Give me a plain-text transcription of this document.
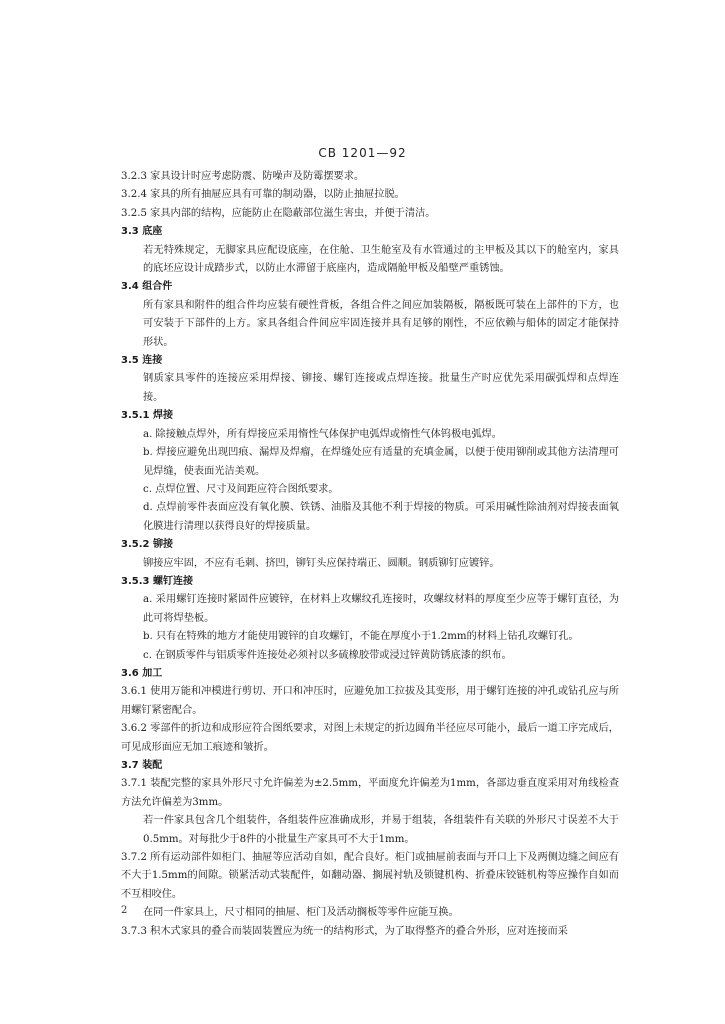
CB 1201—92
3.2.3 家具设计时应考虑防震、防噪声及防霉摆要求。
3.2.4 家具的所有抽屉应具有可靠的制动器，以防止抽屉拉脱。
3.2.5 家具内部的结构，应能防止在隐蔽部位滋生害虫，并便于清洁。
3.3 底座
若无特殊规定，无脚家具应配设底座，在住舱、卫生舱室及有水管通过的主甲板及其以下的舱室内，家具的底坯应设计成踏步式，以防止水滞留于底座内，造成隔舱甲板及船壁严重锈蚀。
3.4 组合件
所有家具和附件的组合件均应装有硬性背板，各组合件之间应加装隔板，隔板既可装在上部件的下方，也可安装于下部件的上方。家具各组合件间应牢固连接并具有足够的刚性，不应依赖与船体的固定才能保持形状。
3.5 连接
钢质家具零件的连接应采用焊接、铆接、螺钉连接或点焊连接。批量生产时应优先采用碳弧焊和点焊连接。
3.5.1 焊接
a. 除接触点焊外，所有焊接应采用惰性气体保护电弧焊或惰性气体钨极电弧焊。
b. 焊接应避免出现凹痕、漏焊及焊瘤，在焊缝处应有适量的充填金属，以便于使用铆削或其他方法清理可见焊缝，使表面光洁美观。
c. 点焊位置、尺寸及间距应符合图纸要求。
d. 点焊前零件表面应没有氧化膜、铁锈、油脂及其他不利于焊接的物质。可采用碱性除油剂对焊接表面氧化膜进行清理以获得良好的焊接质量。
3.5.2 铆接
铆接应牢固，不应有毛刺、挤凹，铆钉头应保持端正、圆顺。钢质铆钉应镀锌。
3.5.3 螺钉连接
a. 采用螺钉连接时紧固件应镀锌，在材料上攻螺纹孔连接时，攻螺纹材料的厚度至少应等于螺钉直径，为此可将焊垫板。
b. 只有在特殊的地方才能使用镀锌的自攻螺钉，不能在厚度小于1.2mm的材料上钻孔攻螺钉孔。
c. 在钢质零件与铝质零件连接处必须衬以多硫橡胶带或浸过锌黄防锈底漆的织布。
3.6 加工
3.6.1 使用万能和冲模进行剪切、开口和冲压时，应避免加工拉拔及其变形，用于螺钉连接的冲孔或钻孔应与所用螺钉紧密配合。
3.6.2 零部件的折边和成形应符合图纸要求，对图上未规定的折边圆角半径应尽可能小，最后一道工序完成后，可见成形面应无加工痕迹和皱折。
3.7 装配
3.7.1 装配完整的家具外形尺寸允许偏差为±2.5mm，平面度允许偏差为1mm，各部边垂直度采用对角线检查方法允许偏差为3mm。
若一件家具包含几个组装件，各组装件应准确成形，并易于组装，各组装件有关联的外形尺寸误差不大于0.5mm。对每批少于8件的小批量生产家具可不大于1mm。
3.7.2 所有运动部件如柜门、抽屉等应活动自如，配合良好。柜门或抽屉前表面与开口上下及两侧边缝之间应有不大于1.5mm的间隙。锁紧活动式装配件，如翻动器、搁展衬轨及锁键机构、折叠床铰链机构等应操作自如而不互相咬住。
在同一件家具上，尺寸相同的抽屉、柜门及活动搁板等零件应能互换。
3.7.3 积木式家具的叠合而装固装置应为统一的结构形式，为了取得整齐的叠合外形，应对连接而采
2
